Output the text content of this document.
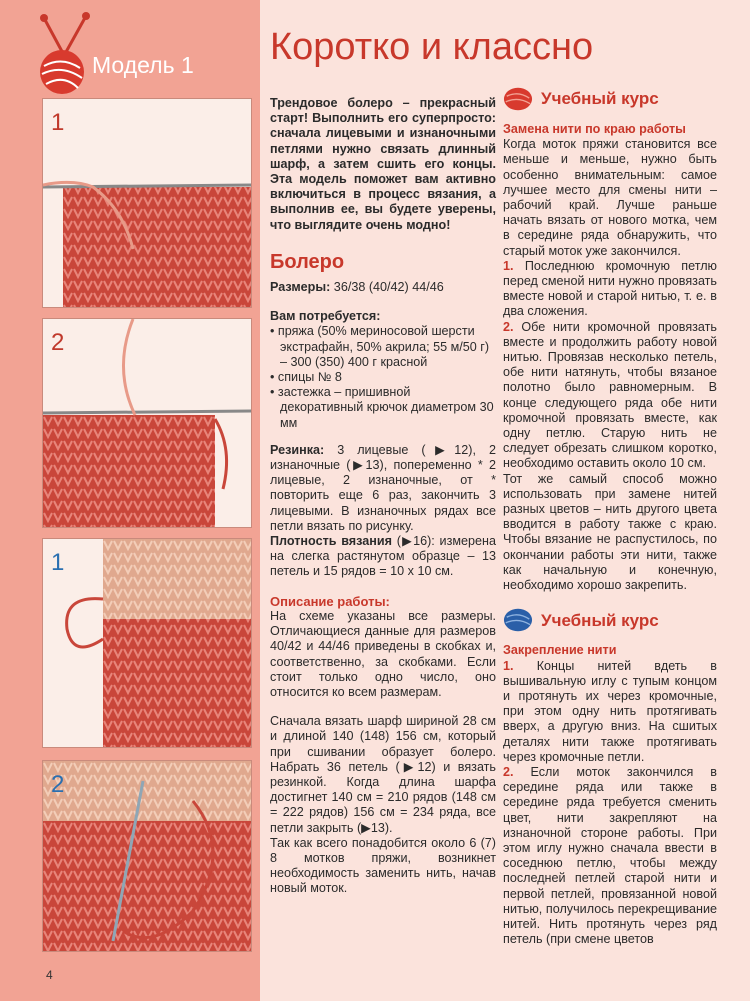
Модель 1 Коротко и классно
1
2
1
2

Трендовое болеро – прекрасный старт! Выполнить его суперпросто: сначала лицевыми и изнаночными петлями нужно связать длинный шарф, а затем сшить его концы. Эта модель поможет вам активно включиться в процесс вязания, а выполнив ее, вы будете уверены, что выглядите очень модно!

Болеро

Размеры: 36/38 (40/42) 44/46

Вам потребуется:

• пряжа (50% мериносовой шерсти экстрафайн, 50% акрила; 55 м/50 г) – 300 (350) 400 г красной
• спицы № 8
• застежка – пришивной декоративный крючок диаметром 30 мм

Резинка: 3 лицевые (▶12), 2 изнаночные (▶13), попеременно * 2 лицевые, 2 изнаночные, от * повторить еще 6 раз, закончить 3 лицевыми. В изнаночных рядах все петли вязать по рисунку.

Плотность вязания (▶16): измерена на слегка растянутом образце – 13 петель и 15 рядов = 10 х 10 см.

Описание работы:

На схеме указаны все размеры. Отличающиеся данные для размеров 40/42 и 44/46 приведены в скобках и, соответственно, за скобками. Если стоит только одно число, оно относится ко всем размерам.

Сначала вязать шарф шириной 28 см и длиной 140 (148) 156 см, который при сшивании образует болеро. Набрать 36 петель (▶12) и вязать резинкой. Когда длина шарфа достигнет 140 см = 210 рядов (148 см = 222 рядов) 156 см = 234 ряда, все петли закрыть (▶13).

Так как всего понадобится около 6 (7) 8 мотков пряжи, возникнет необходимость заменить нить, начав новый моток.

Учебный курс

Замена нити по краю работы

Когда моток пряжи становится все меньше и меньше, нужно быть особенно внимательным: самое лучшее место для смены нити – рабочий край. Лучше раньше начать вязать от нового мотка, чем в середине ряда обнаружить, что старый моток уже закончился.

1. Последнюю кромочную петлю перед сменой нити нужно провязать вместе новой и старой нитью, т. е. в два сложения.

2. Обе нити кромочной провязать вместе и продолжить работу новой нитью. Провязав несколько петель, обе нити натянуть, чтобы вязаное полотно было равномерным. В конце следующего ряда обе нити кромочной провязать вместе, как одну петлю. Старую нить не следует обрезать слишком коротко, необходимо оставить около 10 см.

Тот же самый способ можно использовать при замене нитей разных цветов – нить другого цвета вводится в работу также с краю. Чтобы вязание не распустилось, по окончании работы эти нити, также как начальную и конечную, необходимо хорошо закрепить.

Учебный курс

Закрепление нити

1. Концы нитей вдеть в вышивальную иглу с тупым концом и протянуть их через кромочные, при этом одну нить протягивать вверх, а другую вниз. На сшитых деталях нити также протягивать через кромочные петли.

2. Если моток закончился в середине ряда или также в середине ряда требуется сменить цвет, нити закрепляют на изнаночной стороне работы. При этом иглу нужно сначала ввести в соседнюю петлю, чтобы между последней петлей старой нити и первой петлей, провязанной новой нитью, получилось перекрещивание нитей. Нить протянуть через ряд петель (при смене цветов

4
